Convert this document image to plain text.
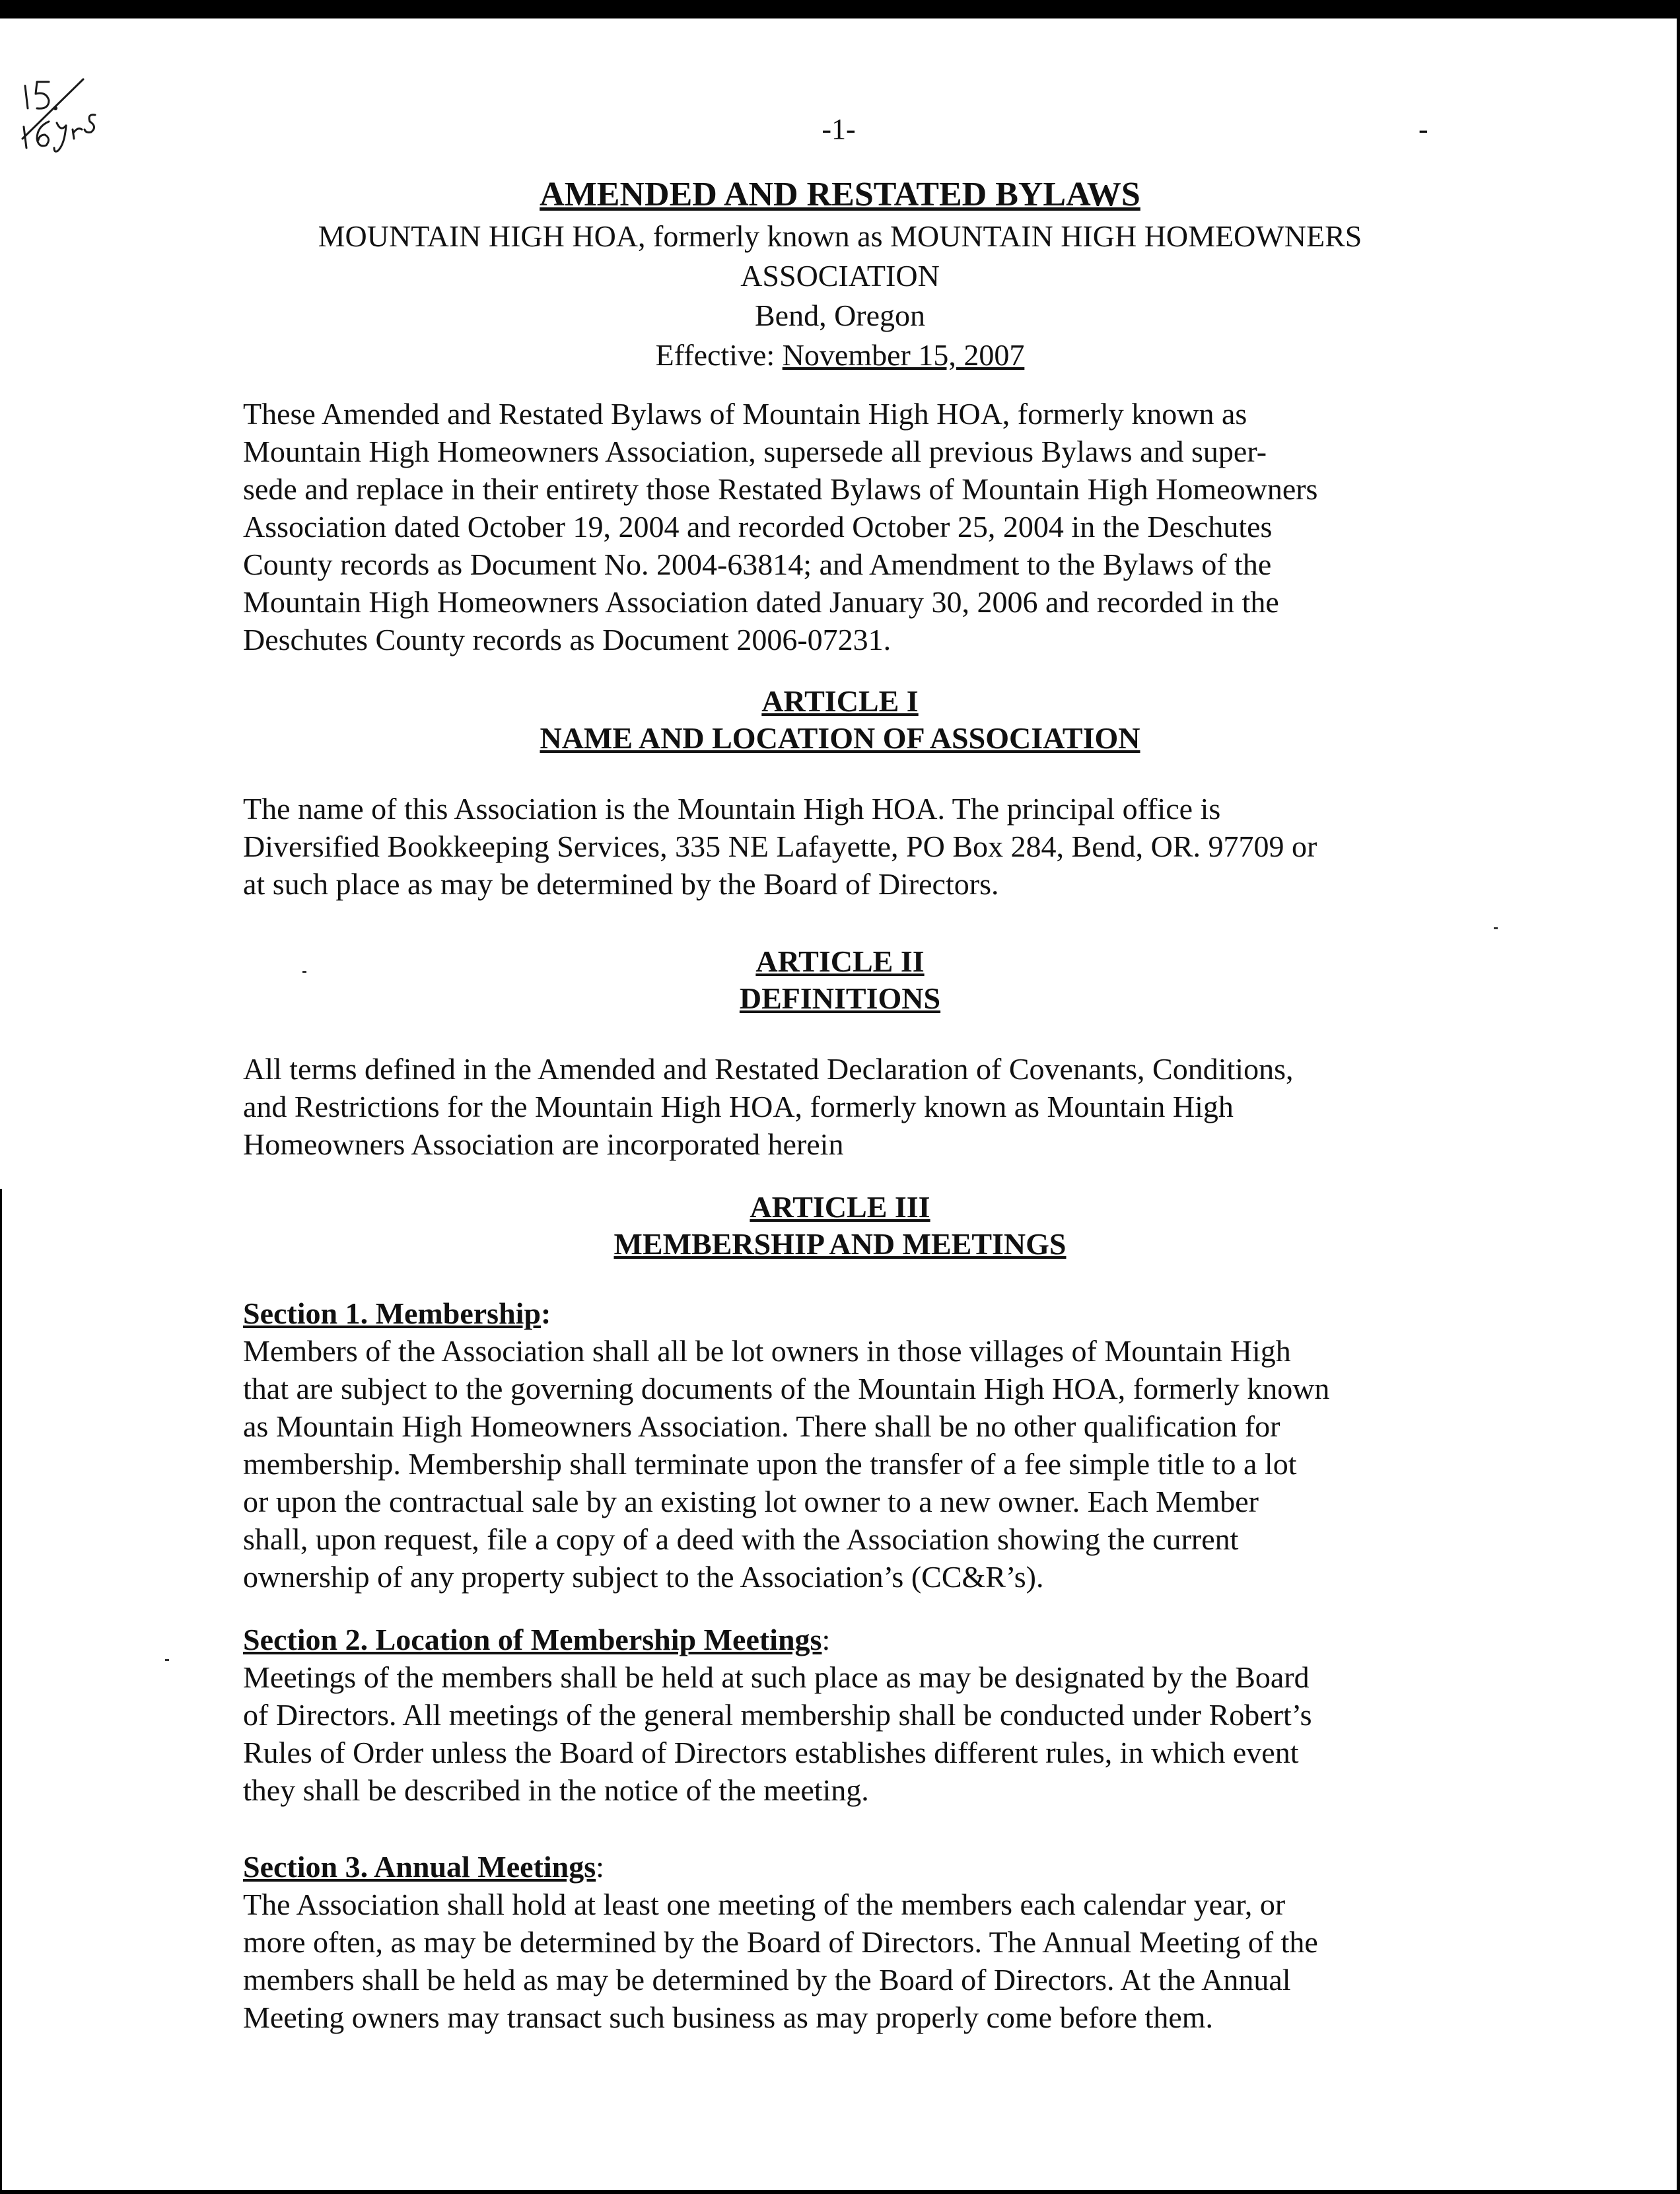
-1-	-
AMENDED AND RESTATED BYLAWS
MOUNTAIN HIGH HOA, formerly known as MOUNTAIN HIGH HOMEOWNERS
ASSOCIATION
Bend, Oregon
Effective: November 15, 2007
These Amended and Restated Bylaws of Mountain High HOA, formerly known as
Mountain High Homeowners Association, supersede all previous Bylaws and super-
sede and replace in their entirety those Restated Bylaws of Mountain High Homeowners
Association dated October 19, 2004 and recorded October 25, 2004 in the Deschutes
County records as Document No. 2004-63814; and Amendment to the Bylaws of the
Mountain High Homeowners Association dated January 30, 2006 and recorded in the
Deschutes County records as Document 2006-07231.
ARTICLE I
NAME AND LOCATION OF ASSOCIATION
The name of this Association is the Mountain High HOA. The principal office is
Diversified Bookkeeping Services, 335 NE Lafayette, PO Box 284, Bend, OR. 97709 or
at such place as may be determined by the Board of Directors.
ARTICLE II
DEFINITIONS
All terms defined in the Amended and Restated Declaration of Covenants, Conditions,
and Restrictions for the Mountain High HOA, formerly known as Mountain High
Homeowners Association are incorporated herein
ARTICLE III
MEMBERSHIP AND MEETINGS
Section 1. Membership:
Members of the Association shall all be lot owners in those villages of Mountain High
that are subject to the governing documents of the Mountain High HOA, formerly known
as Mountain High Homeowners Association. There shall be no other qualification for
membership. Membership shall terminate upon the transfer of a fee simple title to a lot
or upon the contractual sale by an existing lot owner to a new owner. Each Member
shall, upon request, file a copy of a deed with the Association showing the current
ownership of any property subject to the Association’s (CC&R’s).
Section 2. Location of Membership Meetings:
Meetings of the members shall be held at such place as may be designated by the Board
of Directors. All meetings of the general membership shall be conducted under Robert’s
Rules of Order unless the Board of Directors establishes different rules, in which event
they shall be described in the notice of the meeting.
Section 3. Annual Meetings:
The Association shall hold at least one meeting of the members each calendar year, or
more often, as may be determined by the Board of Directors. The Annual Meeting of the
members shall be held as may be determined by the Board of Directors. At the Annual
Meeting owners may transact such business as may properly come before them.
